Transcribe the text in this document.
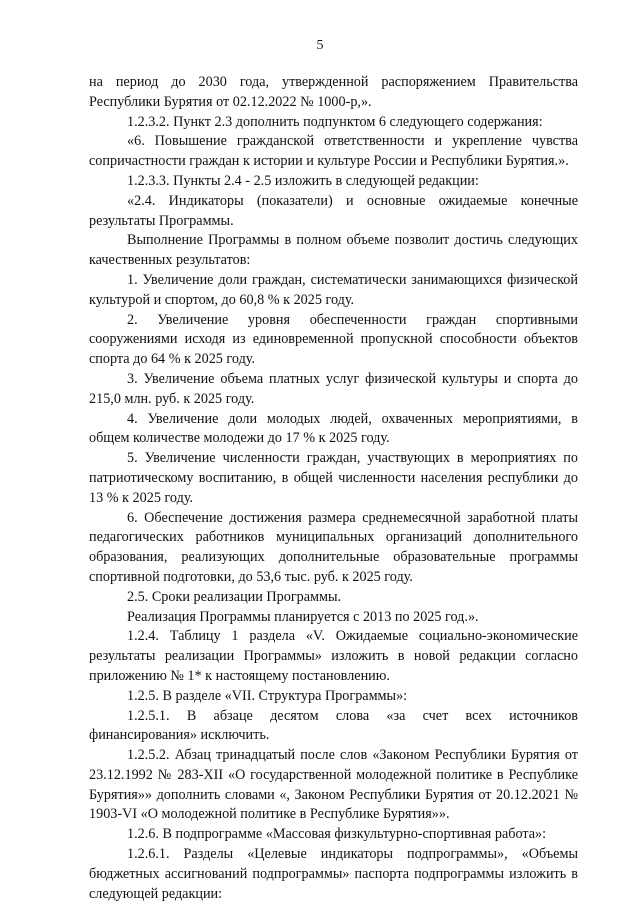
5

на период до 2030 года, утвержденной распоряжением Правительства Республики Бурятия от 02.12.2022 № 1000-р,».

1.2.3.2. Пункт 2.3 дополнить подпунктом 6 следующего содержания:

«6. Повышение гражданской ответственности и укрепление чувства сопричастности граждан к истории и культуре России и Республики Бурятия.».

1.2.3.3. Пункты 2.4 - 2.5 изложить в следующей редакции:

«2.4. Индикаторы (показатели) и основные ожидаемые конечные результаты Программы.

Выполнение Программы в полном объеме позволит достичь следующих качественных результатов:

1. Увеличение доли граждан, систематически занимающихся физической культурой и спортом, до 60,8 % к 2025 году.

2. Увеличение уровня обеспеченности граждан спортивными сооружениями исходя из единовременной пропускной способности объектов спорта до 64 % к 2025 году.

3. Увеличение объема платных услуг физической культуры и спорта до 215,0 млн. руб. к 2025 году.

4. Увеличение доли молодых людей, охваченных мероприятиями, в общем количестве молодежи до 17 % к 2025 году.

5. Увеличение численности граждан, участвующих в мероприятиях по патриотическому воспитанию, в общей численности населения республики до 13 % к 2025 году.

6. Обеспечение достижения размера среднемесячной заработной платы педагогических работников муниципальных организаций дополнительного образования, реализующих дополнительные образовательные программы спортивной подготовки, до 53,6 тыс. руб. к 2025 году.

2.5. Сроки реализации Программы.

Реализация Программы планируется с 2013 по 2025 год.».

1.2.4. Таблицу 1 раздела «V. Ожидаемые социально-экономические результаты реализации Программы» изложить в новой редакции согласно приложению № 1* к настоящему постановлению.

1.2.5. В разделе «VII. Структура Программы»:

1.2.5.1. В абзаце десятом слова «за счет всех источников финансирования» исключить.

1.2.5.2. Абзац тринадцатый после слов «Законом Республики Бурятия от 23.12.1992 № 283-XII «О государственной молодежной политике в Республике Бурятия»» дополнить словами «, Законом Республики Бурятия от 20.12.2021 № 1903-VI «О молодежной политике в Республике Бурятия»».

1.2.6. В подпрограмме «Массовая физкультурно-спортивная работа»:

1.2.6.1. Разделы «Целевые индикаторы подпрограммы», «Объемы бюджетных ассигнований подпрограммы» паспорта подпрограммы изложить в следующей редакции:
